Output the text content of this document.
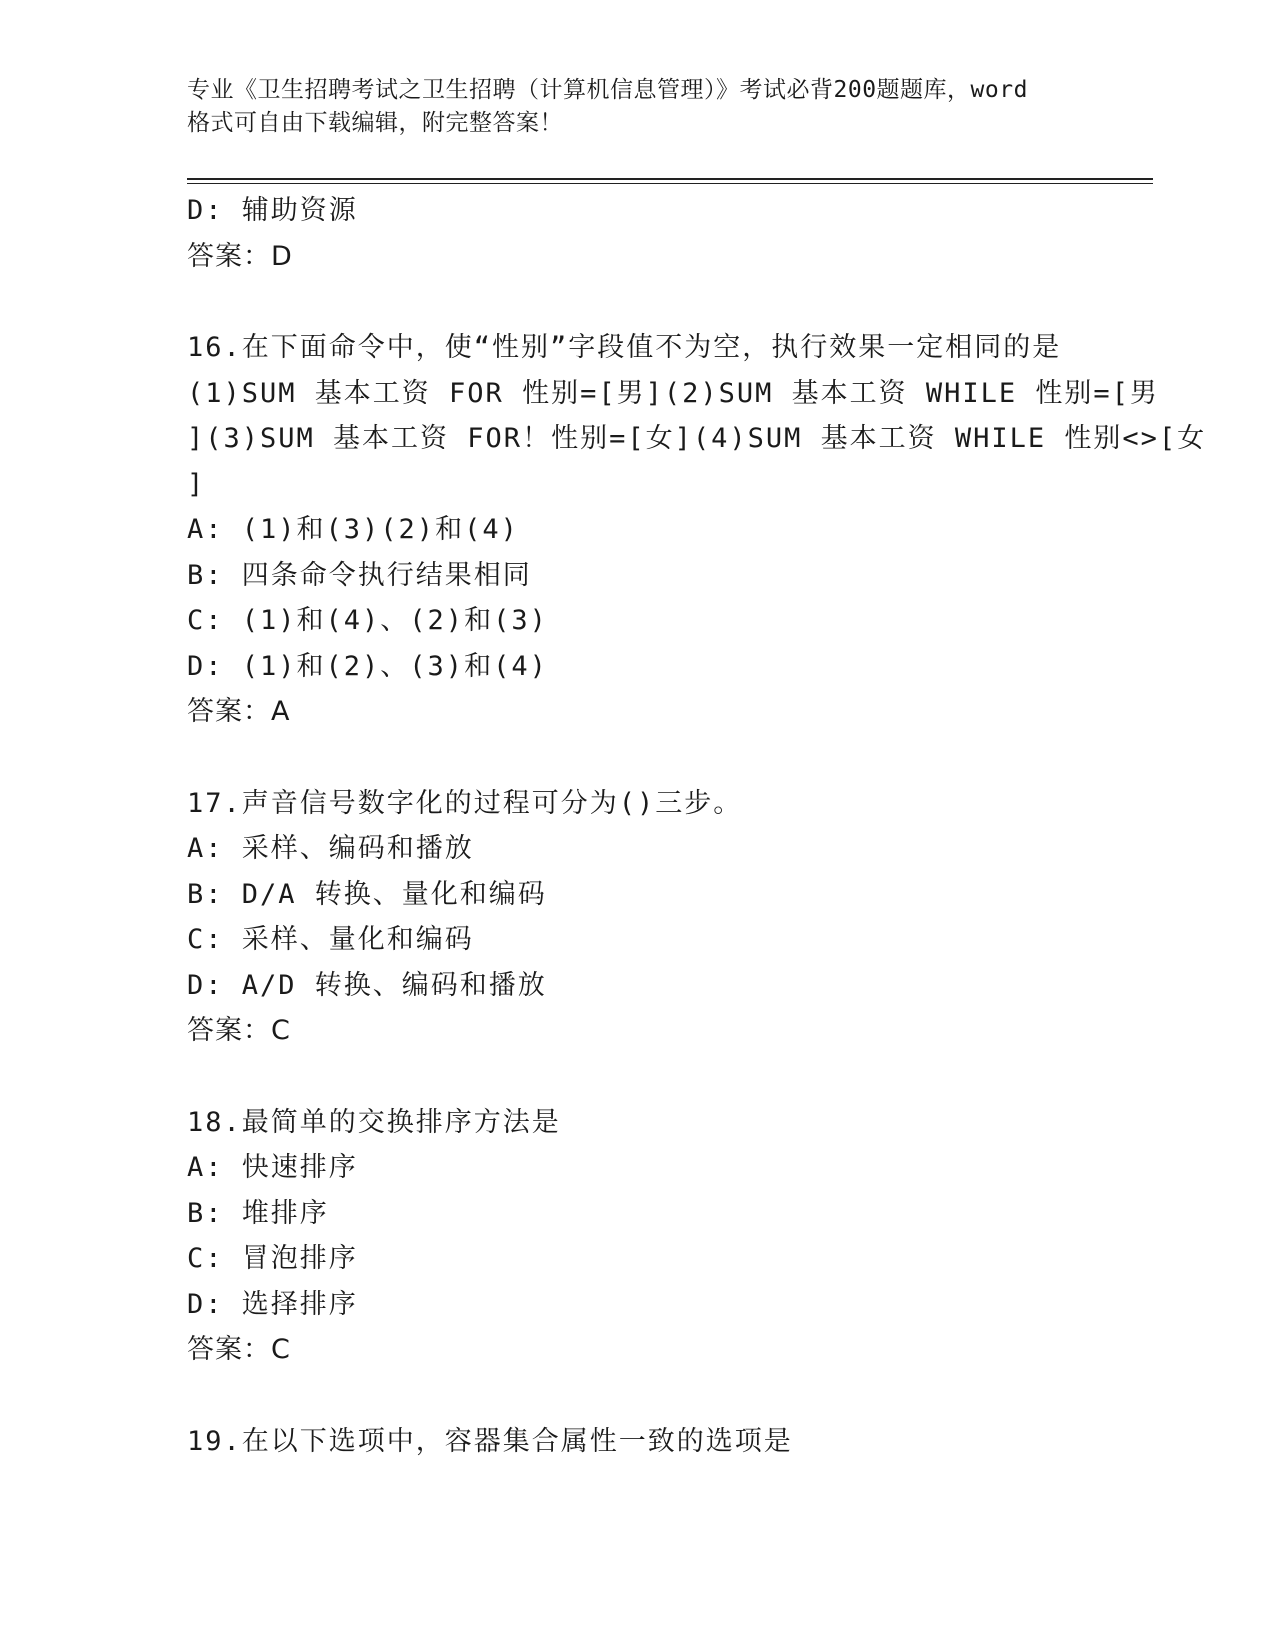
专业《卫生招聘考试之卫生招聘（计算机信息管理）》考试必背200题题库，word
格式可自由下载编辑，附完整答案！
D: 辅助资源
答案：D
16.在下面命令中，使“性别”字段值不为空，执行效果一定相同的是
(1)SUM 基本工资 FOR 性别=[男](2)SUM 基本工资 WHILE 性别=[男
](3)SUM 基本工资 FOR！性别=[女](4)SUM 基本工资 WHILE 性别<>[女
]
A: (1)和(3)(2)和(4)
B: 四条命令执行结果相同
C: (1)和(4)、(2)和(3)
D: (1)和(2)、(3)和(4)
答案：A
17.声音信号数字化的过程可分为()三步。
A: 采样、编码和播放
B: D/A 转换、量化和编码
C: 采样、量化和编码
D: A/D 转换、编码和播放
答案：C
18.最简单的交换排序方法是
A: 快速排序
B: 堆排序
C: 冒泡排序
D: 选择排序
答案：C
19.在以下选项中，容器集合属性一致的选项是
